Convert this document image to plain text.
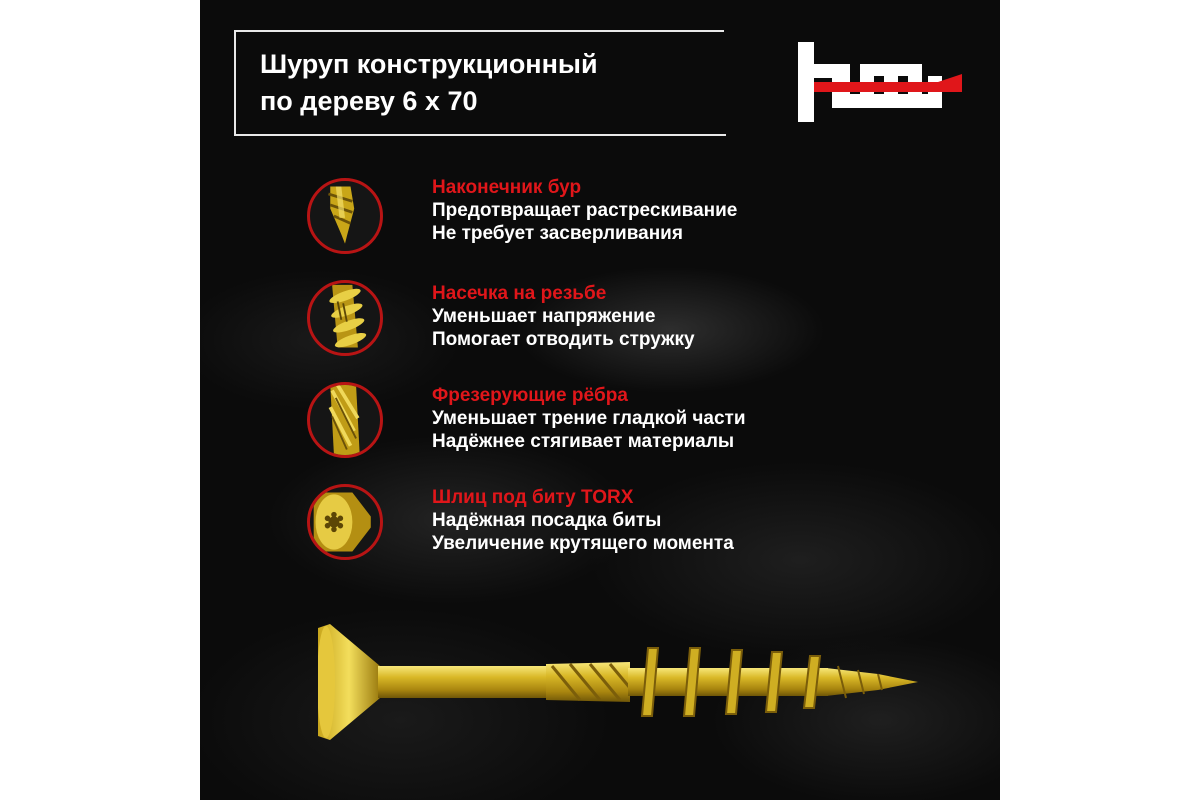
Шуруп конструкционный
по дереву 6 x 70
Наконечник бур
Предотвращает растрескивание
Не требует засверливания
Насечка на резьбе
Уменьшает напряжение
Помогает отводить стружку
Фрезерующие рёбра
Уменьшает трение гладкой части
Надёжнее стягивает материалы
Шлиц под биту TORX
Надёжная посадка биты
Увеличение крутящего момента
